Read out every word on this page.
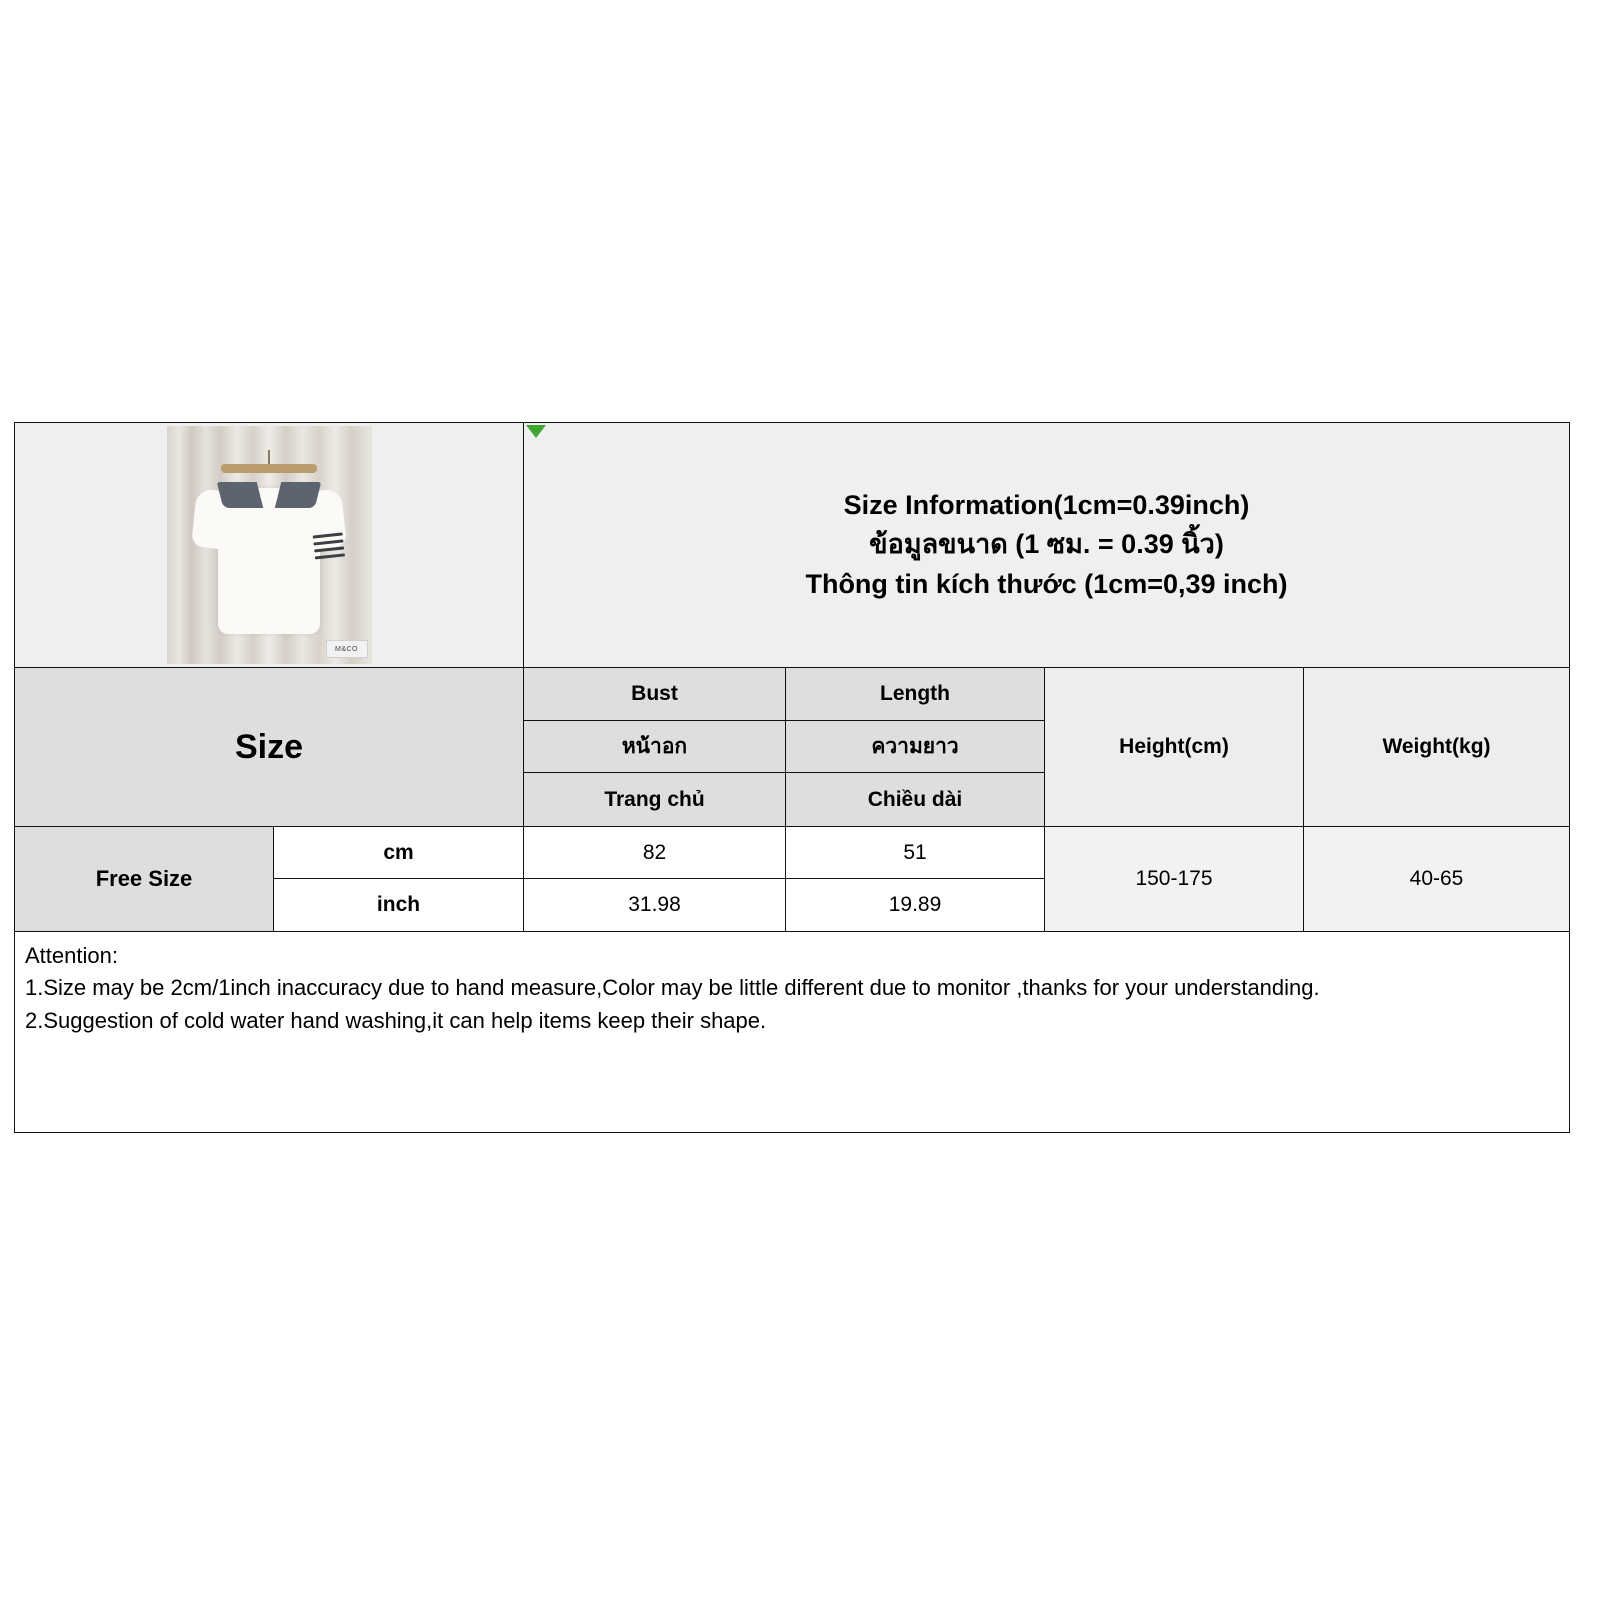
M&CO
Size Information(1cm=0.39inch)
ข้อมูลขนาด (1 ซม. = 0.39 นิ้ว)
Thông tin kích thước (1cm=0,39 inch)
Size
Bust
หน้าอก
Trang chủ
Length
ความยาว
Chiều dài
Height(cm)	Weight(kg)
Free Size
cm
inch
82
31.98
51
19.89
150-175	40-65

Attention:

1.Size may be 2cm/1inch inaccuracy due to hand measure,Color may be little different due to monitor ,thanks for your understanding.

2.Suggestion of cold water hand washing,it can help items keep their shape.
